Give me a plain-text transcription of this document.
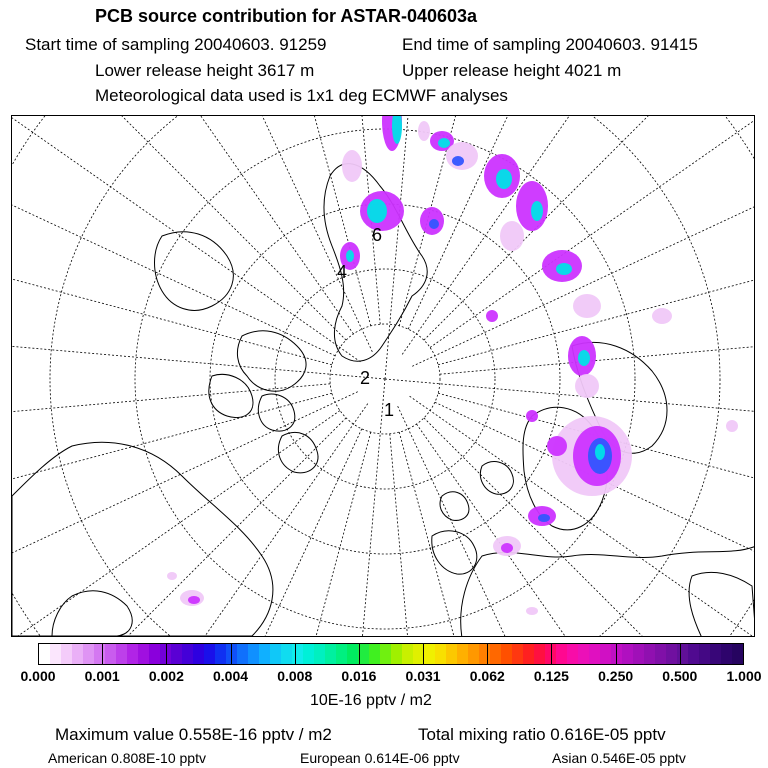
PCB source contribution for ASTAR-040603a
Start time of sampling 20040603. 91259	End time of sampling 20040603. 91415
Lower release height 3617 m	Upper release height 4021 m
Meteorological data used is 1x1 deg ECMWF analyses
1
2
6
4
0.000 0.001 0.002 0.004 0.008 0.016 0.031 0.062 0.125 0.250 0.500 1.000
10E-16 pptv / m2
Maximum value 0.558E-16 pptv / m2	Total mixing ratio 0.616E-05 pptv
American 0.808E-10 pptv	European 0.614E-06 pptv	Asian 0.546E-05 pptv
